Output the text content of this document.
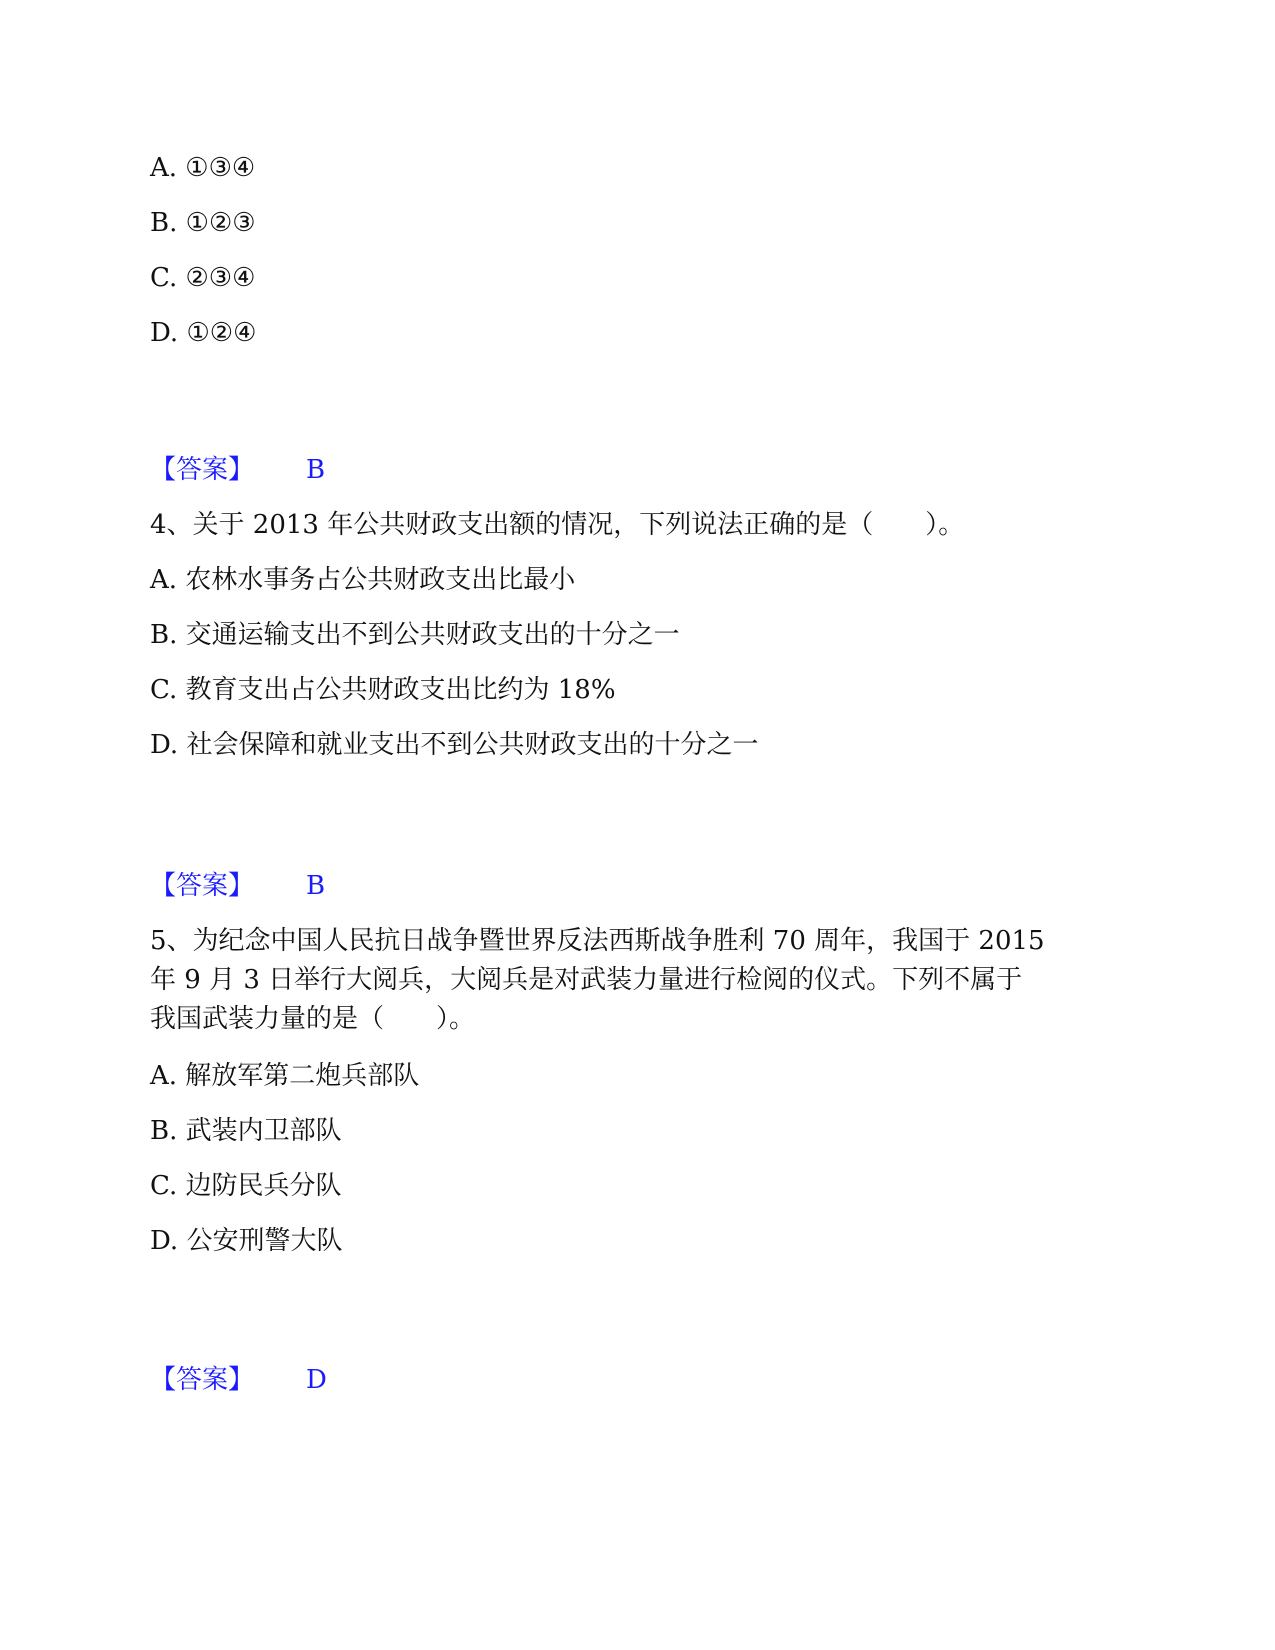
A. ①③④
B. ①②③
C. ②③④
D. ①②④
【答案】 B
4、关于 2013 年公共财政支出额的情况，下列说法正确的是（　　）。
A. 农林水事务占公共财政支出比最小
B. 交通运输支出不到公共财政支出的十分之一
C. 教育支出占公共财政支出比约为 18%
D. 社会保障和就业支出不到公共财政支出的十分之一
【答案】 B
5、为纪念中国人民抗日战争暨世界反法西斯战争胜利 70 周年，我国于 2015
年 9 月 3 日举行大阅兵，大阅兵是对武装力量进行检阅的仪式。下列不属于
我国武装力量的是（　　）。
A. 解放军第二炮兵部队
B. 武装内卫部队
C. 边防民兵分队
D. 公安刑警大队
【答案】 D
